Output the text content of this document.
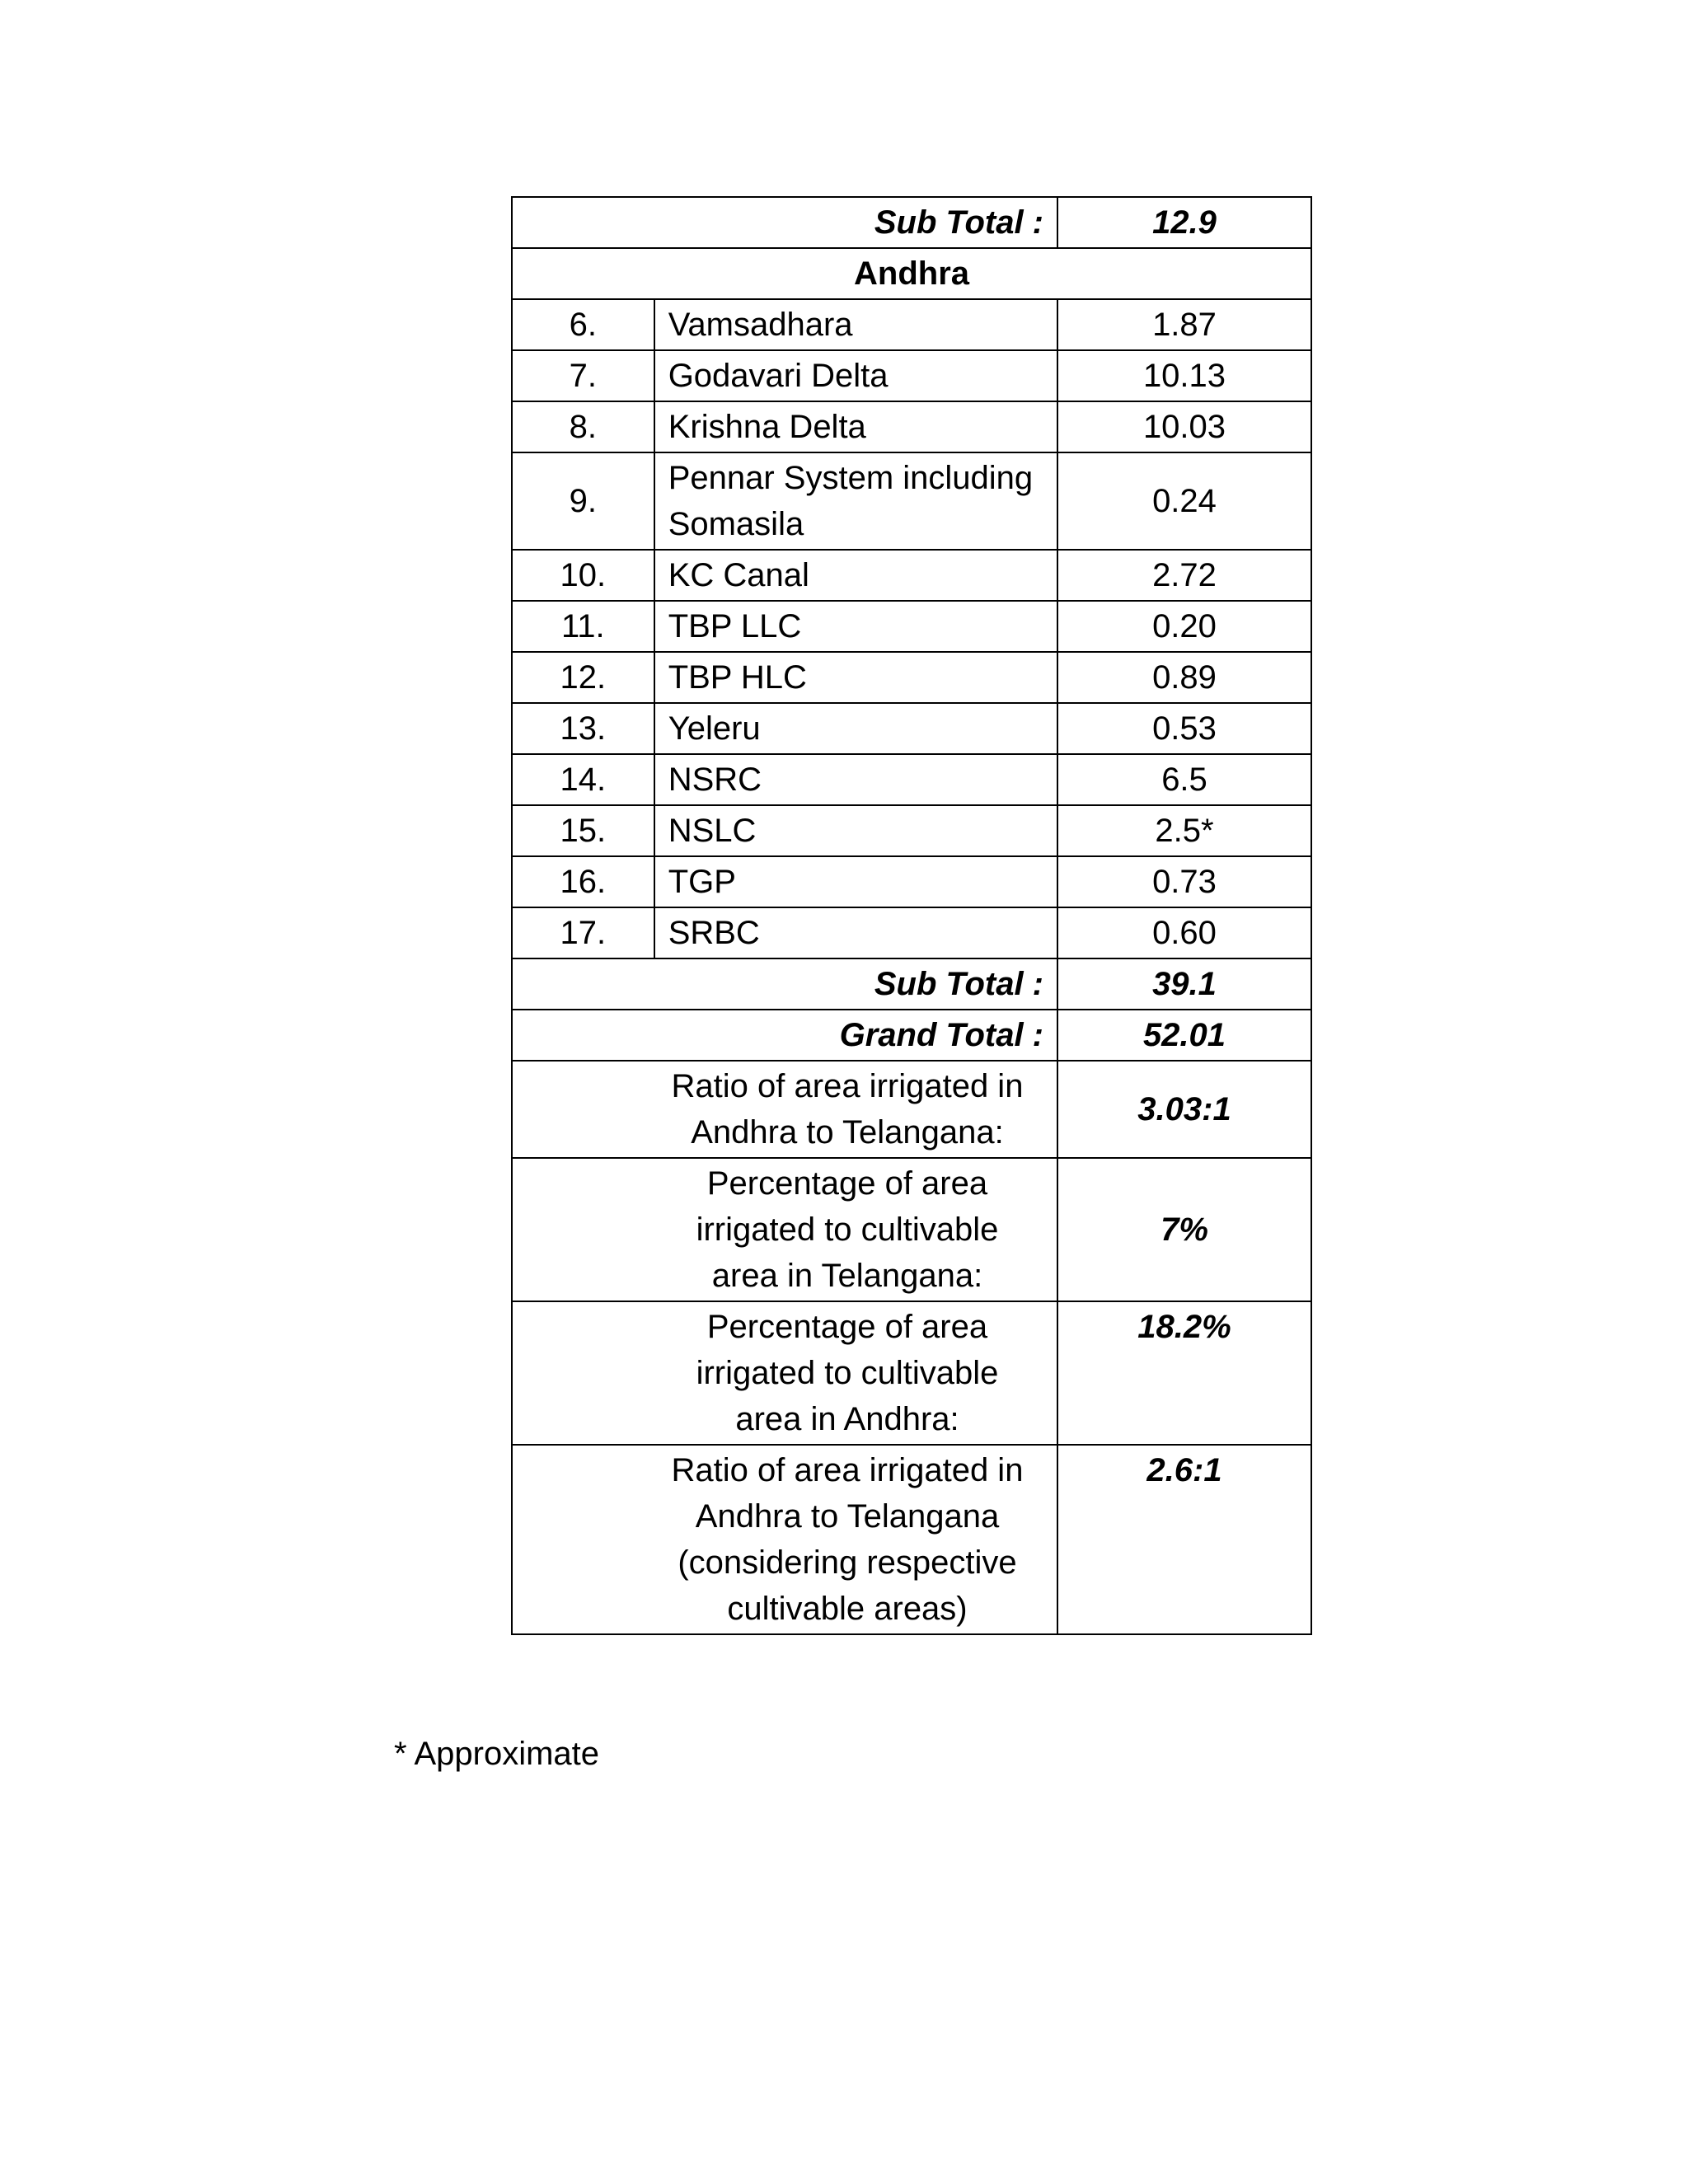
Sub Total :		12.9
Andhra		
6.	Vamsadhara	1.87
7.	Godavari Delta	10.13
8.	Krishna Delta	10.03
9.	Pennar System including Somasila	0.24
10.	KC Canal	2.72
11.	TBP LLC	0.20
12.	TBP HLC	0.89
13.	Yeleru	0.53
14.	NSRC	6.5
15.	NSLC	2.5*
16.	TGP	0.73
17.	SRBC	0.60
Sub Total :		39.1
Grand Total :		52.01

Ratio of area irrigated in Andhra to Telangana:		3.03:1

Percentage of area irrigated to cultivable area in Telangana:		7%

Percentage of area irrigated to cultivable area in Andhra:		18.2%

Ratio of area irrigated in Andhra to Telangana (considering respective cultivable areas)		2.6:1
* Approximate
